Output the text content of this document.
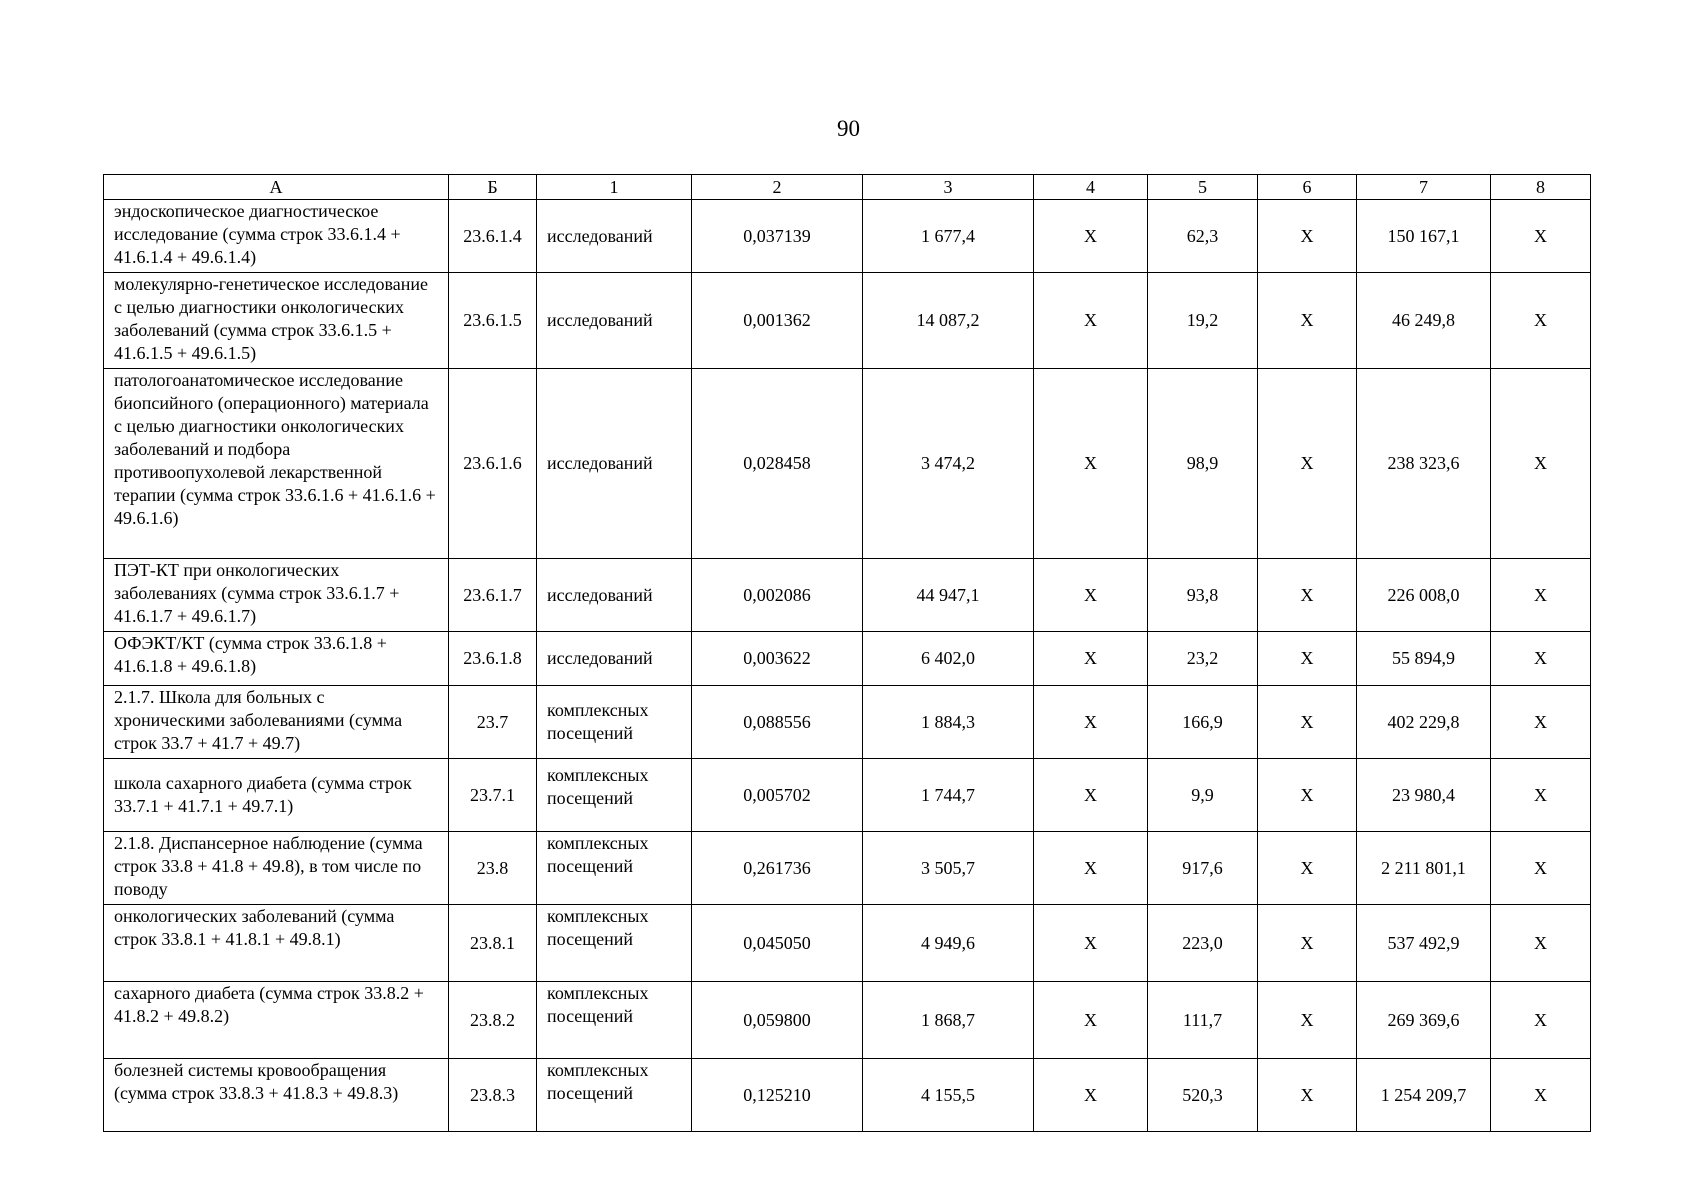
90
А	Б	1	2	3	4	5	6	7	8
эндоскопическое диагностическое исследование (сумма строк 33.6.1.4 + 41.6.1.4 + 49.6.1.4)	23.6.1.4	исследований	0,037139	1 677,4	Х	62,3	Х	150 167,1	Х
молекулярно-генетическое исследование с целью диагностики онкологических заболеваний (сумма строк 33.6.1.5 + 41.6.1.5 + 49.6.1.5)	23.6.1.5	исследований	0,001362	14 087,2	Х	19,2	Х	46 249,8	Х
патологоанатомическое исследование биопсийного (операционного) материала с целью диагностики онкологических заболеваний и подбора противоопухолевой лекарственной терапии (сумма строк 33.6.1.6 + 41.6.1.6 + 49.6.1.6)	23.6.1.6	исследований	0,028458	3 474,2	Х	98,9	Х	238 323,6	Х
ПЭТ-КТ при онкологических заболеваниях (сумма строк 33.6.1.7 + 41.6.1.7 + 49.6.1.7)	23.6.1.7	исследований	0,002086	44 947,1	Х	93,8	Х	226 008,0	Х
ОФЭКТ/КТ (сумма строк 33.6.1.8 + 41.6.1.8 + 49.6.1.8)	23.6.1.8	исследований	0,003622	6 402,0	Х	23,2	Х	55 894,9	Х
2.1.7. Школа для больных с хроническими заболеваниями (сумма строк 33.7 + 41.7 + 49.7)	23.7	комплексных посещений	0,088556	1 884,3	Х	166,9	Х	402 229,8	Х
школа сахарного диабета (сумма строк 33.7.1 + 41.7.1 + 49.7.1)	23.7.1	комплексных посещений	0,005702	1 744,7	Х	9,9	Х	23 980,4	Х
2.1.8. Диспансерное наблюдение (сумма строк 33.8 + 41.8 + 49.8), в том числе по поводу	23.8	комплексных посещений	0,261736	3 505,7	Х	917,6	Х	2 211 801,1	Х
онкологических заболеваний (сумма строк 33.8.1 + 41.8.1 + 49.8.1)	23.8.1	комплексных посещений	0,045050	4 949,6	Х	223,0	Х	537 492,9	Х
сахарного диабета (сумма строк 33.8.2 + 41.8.2 + 49.8.2)	23.8.2	комплексных посещений	0,059800	1 868,7	Х	111,7	Х	269 369,6	Х
болезней системы кровообращения (сумма строк 33.8.3 + 41.8.3 + 49.8.3)	23.8.3	комплексных посещений	0,125210	4 155,5	Х	520,3	Х	1 254 209,7	Х
